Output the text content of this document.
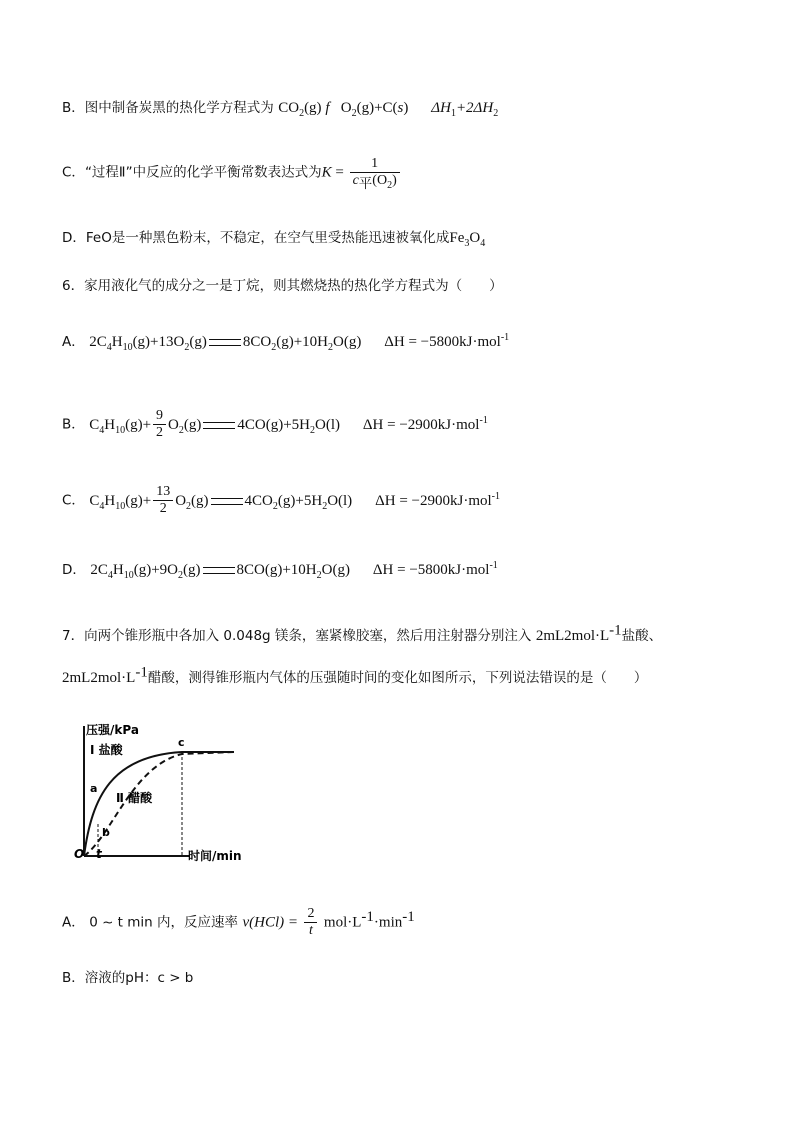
B．图中制备炭黑的热化学方程式为 $CO_2(g)$ f $O_2(g)+C(s)$ $\Delta H_1+2\Delta H_2$
C．“过程Ⅱ”中反应的化学平衡常数表达式为$K = \frac{1}{c_平(O_2)}$
D．FeO是一种黑色粉末，不稳定，在空气里受热能迅速被氧化成$Fe_3O_4$
6．家用液化气的成分之一是丁烷，则其燃烧热的热化学方程式为（　　）
A． $2C_4H_{10}(g)+13O_2(g)$ $8CO_2(g)+10H_2O(g) \Delta H = -5800kJ\cdot mol^{-1}$
B． $C_4H_{10}(g)+ \frac{9}{2} O_2(g)$ $4CO(g)+5H_2O(l) \Delta H = -2900kJ\cdot mol^{-1}$
C． $C_4H_{10}(g)+ \frac{13}{2} O_2(g)$ $4CO_2(g)+5H_2O(l) \Delta H = -2900kJ\cdot mol^{-1}$
D． $2C_4H_{10}(g)+9O_2(g)$ $8CO(g)+10H_2O(g) \Delta H = -5800kJ\cdot mol^{-1}$
7．向两个锥形瓶中各加入 0.048g 镁条，塞紧橡胶塞，然后用注射器分别注入 $2mL2mol\cdot L^{-1}$盐酸、
$2mL2mol\cdot L^{-1}$醋酸，测得锥形瓶内气体的压强随时间的变化如图所示，下列说法错误的是（　　）
压强/kPa
时间/min
O t
Ⅰ 盐酸
Ⅱ 醋酸
a
b
c
A． 0 ~ t min 内，反应速率 $v(HCl) = \frac{2}{t} mol\cdot L^{-1}\cdot\min^{-1}$
B．溶液的pH：c > b
